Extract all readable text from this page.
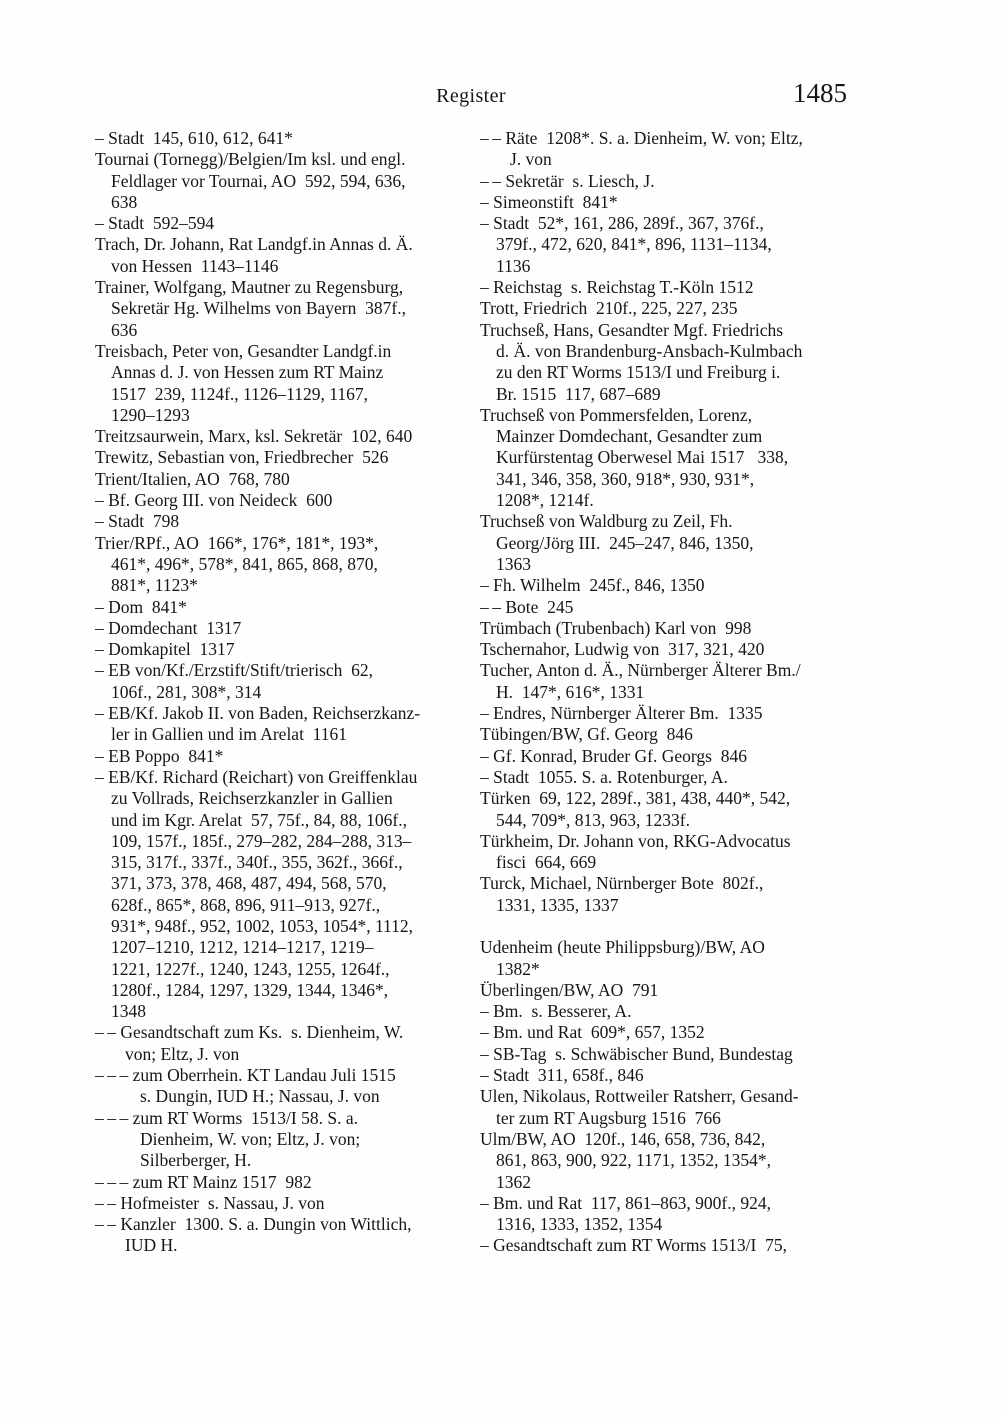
Register	1485
– Stadt  145, 610, 612, 641*
Tournai (Tornegg)/Belgien/Im ksl. und engl.
Feldlager vor Tournai, AO  592, 594, 636,
638
– Stadt  592–594
Trach, Dr. Johann, Rat Landgf.in Annas d. Ä.
von Hessen  1143–1146
Trainer, Wolfgang, Mautner zu Regensburg,
Sekretär Hg. Wilhelms von Bayern  387f.,
636
Treisbach, Peter von, Gesandter Landgf.in
Annas d. J. von Hessen zum RT Mainz
1517  239, 1124f., 1126–1129, 1167,
1290–1293
Treitzsaurwein, Marx, ksl. Sekretär  102, 640
Trewitz, Sebastian von, Friedbrecher  526
Trient/Italien, AO  768, 780
– Bf. Georg III. von Neideck  600
– Stadt  798
Trier/RPf., AO  166*, 176*, 181*, 193*,
461*, 496*, 578*, 841, 865, 868, 870,
881*, 1123*
– Dom  841*
– Domdechant  1317
– Domkapitel  1317
– EB von/Kf./Erzstift/Stift/trierisch  62,
106f., 281, 308*, 314
– EB/Kf. Jakob II. von Baden, Reichserzkanz-
ler in Gallien und im Arelat  1161
– EB Poppo  841*
– EB/Kf. Richard (Reichart) von Greiffenklau
zu Vollrads, Reichserzkanzler in Gallien
und im Kgr. Arelat  57, 75f., 84, 88, 106f.,
109, 157f., 185f., 279–282, 284–288, 313–
315, 317f., 337f., 340f., 355, 362f., 366f.,
371, 373, 378, 468, 487, 494, 568, 570,
628f., 865*, 868, 896, 911–913, 927f.,
931*, 948f., 952, 1002, 1053, 1054*, 1112,
1207–1210, 1212, 1214–1217, 1219–
1221, 1227f., 1240, 1243, 1255, 1264f.,
1280f., 1284, 1297, 1329, 1344, 1346*,
1348
– – Gesandtschaft zum Ks.  s. Dienheim, W.
von; Eltz, J. von
– – – zum Oberrhein. KT Landau Juli 1515
s. Dungin, IUD H.; Nassau, J. von
– – – zum RT Worms  1513/I 58. S. a.
Dienheim, W. von; Eltz, J. von;
Silberberger, H.
– – – zum RT Mainz 1517  982
– – Hofmeister  s. Nassau, J. von
– – Kanzler  1300. S. a. Dungin von Wittlich,
IUD H.
– – Räte  1208*. S. a. Dienheim, W. von; Eltz,
J. von
– – Sekretär  s. Liesch, J.
– Simeonstift  841*
– Stadt  52*, 161, 286, 289f., 367, 376f.,
379f., 472, 620, 841*, 896, 1131–1134,
1136
– Reichstag  s. Reichstag T.-Köln 1512
Trott, Friedrich  210f., 225, 227, 235
Truchseß, Hans, Gesandter Mgf. Friedrichs
d. Ä. von Brandenburg-Ansbach-Kulmbach
zu den RT Worms 1513/I und Freiburg i.
Br. 1515  117, 687–689
Truchseß von Pommersfelden, Lorenz,
Mainzer Domdechant, Gesandter zum
Kurfürstentag Oberwesel Mai 1517   338,
341, 346, 358, 360, 918*, 930, 931*,
1208*, 1214f.
Truchseß von Waldburg zu Zeil, Fh.
Georg/Jörg III.  245–247, 846, 1350,
1363
– Fh. Wilhelm  245f., 846, 1350
– – Bote  245
Trümbach (Trubenbach) Karl von  998
Tschernahor, Ludwig von  317, 321, 420
Tucher, Anton d. Ä., Nürnberger Älterer Bm./
H.  147*, 616*, 1331
– Endres, Nürnberger Älterer Bm.  1335
Tübingen/BW, Gf. Georg  846
– Gf. Konrad, Bruder Gf. Georgs  846
– Stadt  1055. S. a. Rotenburger, A.
Türken  69, 122, 289f., 381, 438, 440*, 542,
544, 709*, 813, 963, 1233f.
Türkheim, Dr. Johann von, RKG-Advocatus
fisci  664, 669
Turck, Michael, Nürnberger Bote  802f.,
1331, 1335, 1337
Udenheim (heute Philippsburg)/BW, AO
1382*
Überlingen/BW, AO  791
– Bm.  s. Besserer, A.
– Bm. und Rat  609*, 657, 1352
– SB-Tag  s. Schwäbischer Bund, Bundestag
– Stadt  311, 658f., 846
Ulen, Nikolaus, Rottweiler Ratsherr, Gesand-
ter zum RT Augsburg 1516  766
Ulm/BW, AO  120f., 146, 658, 736, 842,
861, 863, 900, 922, 1171, 1352, 1354*,
1362
– Bm. und Rat  117, 861–863, 900f., 924,
1316, 1333, 1352, 1354
– Gesandtschaft zum RT Worms 1513/I  75,
